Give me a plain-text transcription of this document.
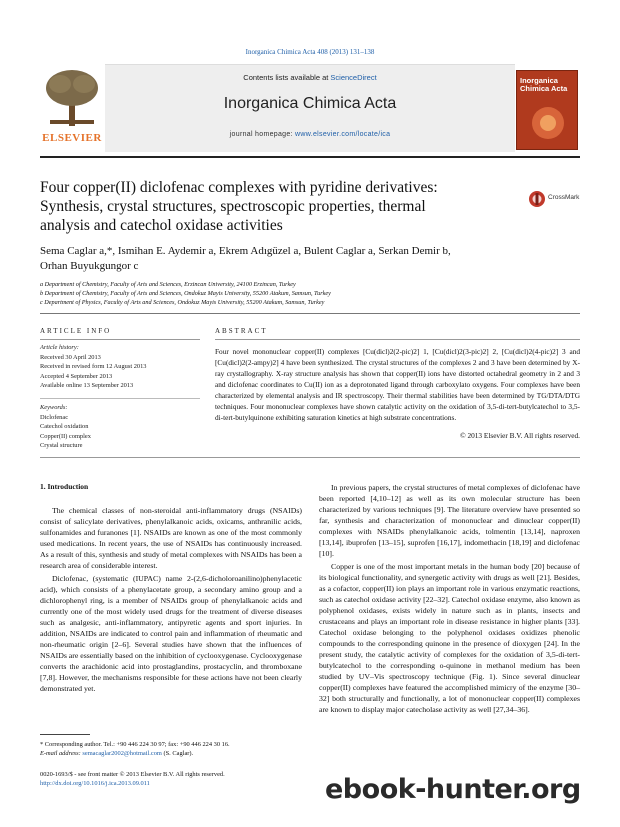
Inorganica Chimica Acta 408 (2013) 131–138
ELSEVIER
Contents lists available at ScienceDirect
Inorganica Chimica Acta
journal homepage: www.elsevier.com/locate/ica
Inorganica Chimica Acta
Four copper(II) diclofenac complexes with pyridine derivatives:
Synthesis, crystal structures, spectroscopic properties, thermal
analysis and catechol oxidase activities
CrossMark
Sema Caglar a,*, Ismihan E. Aydemir a, Ekrem Adıgüzel a, Bulent Caglar a, Serkan Demir b,
Orhan Buyukgungor c
a Department of Chemistry, Faculty of Arts and Sciences, Erzincan University, 24100 Erzincan, Turkey
b Department of Chemistry, Faculty of Arts and Sciences, Ondokuz Mayis University, 55200 Atakum, Samsun, Turkey
c Department of Physics, Faculty of Arts and Sciences, Ondokuz Mayis University, 55200 Atakum, Samsun, Turkey
ARTICLE INFO	ABSTRACT
Article history:
Received 30 April 2013
Received in revised form 12 August 2013
Accepted 4 September 2013
Available online 13 September 2013
Keywords:
Diclofenac
Catechol oxidation
Copper(II) complex
Crystal structure
Four novel mononuclear copper(II) complexes [Cu(dicl)2(2-pic)2] 1, [Cu(dicl)2(3-pic)2] 2, [Cu(dicl)2(4-pic)2] 3 and [Cu(dicl)2(2-ampy)2] 4 have been synthesized. The crystal structures of the complexes 2 and 3 have been determined by X-ray crystallography. X-ray structure analysis has shown that copper(II) ions have distorted octahedral geometry in 2 and 3 and diclofenac coordinates to Cu(II) ion as a deprotonated ligand through carboxylato oxygens. Four complexes have been characterized by elemental analysis and IR spectroscopy. Their thermal stabilities have been determined by TG/DTA/DTG techniques. Four mononuclear complexes have shown catalytic activity on the oxidation of 3,5-di-tert-butylcatechol to 3,5-di-tert-butylquinone exhibiting saturation kinetics at high substrate concentrations.
© 2013 Elsevier B.V. All rights reserved.
1. Introduction

The chemical classes of non-steroidal anti-inflammatory drugs (NSAIDs) consist of salicylate derivatives, phenylalkanoic acids, oxicams, anthranilic acids, sulfonamides and furanones [1]. NSAIDs are known as one of the most commonly used medications. In recent years, the use of NSAIDs has continuously increased. As a result of this, synthesis and study of metal complexes with NSAIDs has been a research area of considerable interest.

Diclofenac, (systematic (IUPAC) name 2-(2,6-dicholoroanilino)phenylacetic acid), which consists of a phenylacetate group, a secondary amino group and a dichlorophenyl ring, is a member of NSAIDs group of phenylalkanoic acids and currently one of the most widely used drugs for the treatment of diverse diseases such as analgesic, anti-inflammatory, antipyretic agents and sport injuries. In addition, NSAIDs are indicated to control pain and inflammation of rheumatic and non-rheumatic origin [2–6]. Several studies have shown that the influences of NSAIDs are essentially based on the inhibition of cyclooxygenase. Cyclooxygenase converts the arachidonic acid into prostaglandins, prostacyclin, and thromboxane [7,8]. However, the mechanisms responsible for these actions have not been clearly demonstrated yet.

In previous papers, the crystal structures of metal complexes of diclofenac have been reported [4,10–12] as well as its own molecular structure has been characterized by various techniques [9]. The literature overview have presented so far, synthesis and characterization of mononuclear and dinuclear copper(II) complexes with NSAIDs phenylalkanoic acids, tolmentin [13,14], naproxen [13,14], ibuprofen [13–15], suprofen [16,17], indomethacin [18,19] and diclofenac [10].

Copper is one of the most important metals in the human body [20] because of its biological functionality, and synergetic activity with drugs as well [21]. Besides, as a cofactor, copper(II) ion plays an important role in various enzymatic reactions, such as catechol oxidase activity [22–32]. Catechol oxidase enzyme, also known as polyphenol oxidases, exists widely in nature such as in plants, insects and crustaceans and plays an important role in disease resistance in higher plants [33]. Catechol oxidase belonging to the polyphenol oxidases oxidizes phenolic compounds to the corresponding quinone in the presence of dioxygen [24]. In the present study, the catalytic activity of complexes for the oxidation of 3,5-di-tert-butylcatechol to the corresponding o-quinone in methanol medium has been studied by UV–Vis spectroscopy technique (Fig. 1). Since several dinuclear copper(II) complexes have featured the accomplished mimicry of the enzyme [30–32] both structurally and functionally, a lot of mononuclear copper(II) complexes are known to display major catecholase activity as well [27,34–36].

* Corresponding author. Tel.: +90 446 224 30 97; fax: +90 446 224 30 16.
E-mail address: semacaglar2002@hotmail.com (S. Caglar).
0020-1693/$ - see front matter © 2013 Elsevier B.V. All rights reserved.
http://dx.doi.org/10.1016/j.ica.2013.09.011	ebook-hunter.org
